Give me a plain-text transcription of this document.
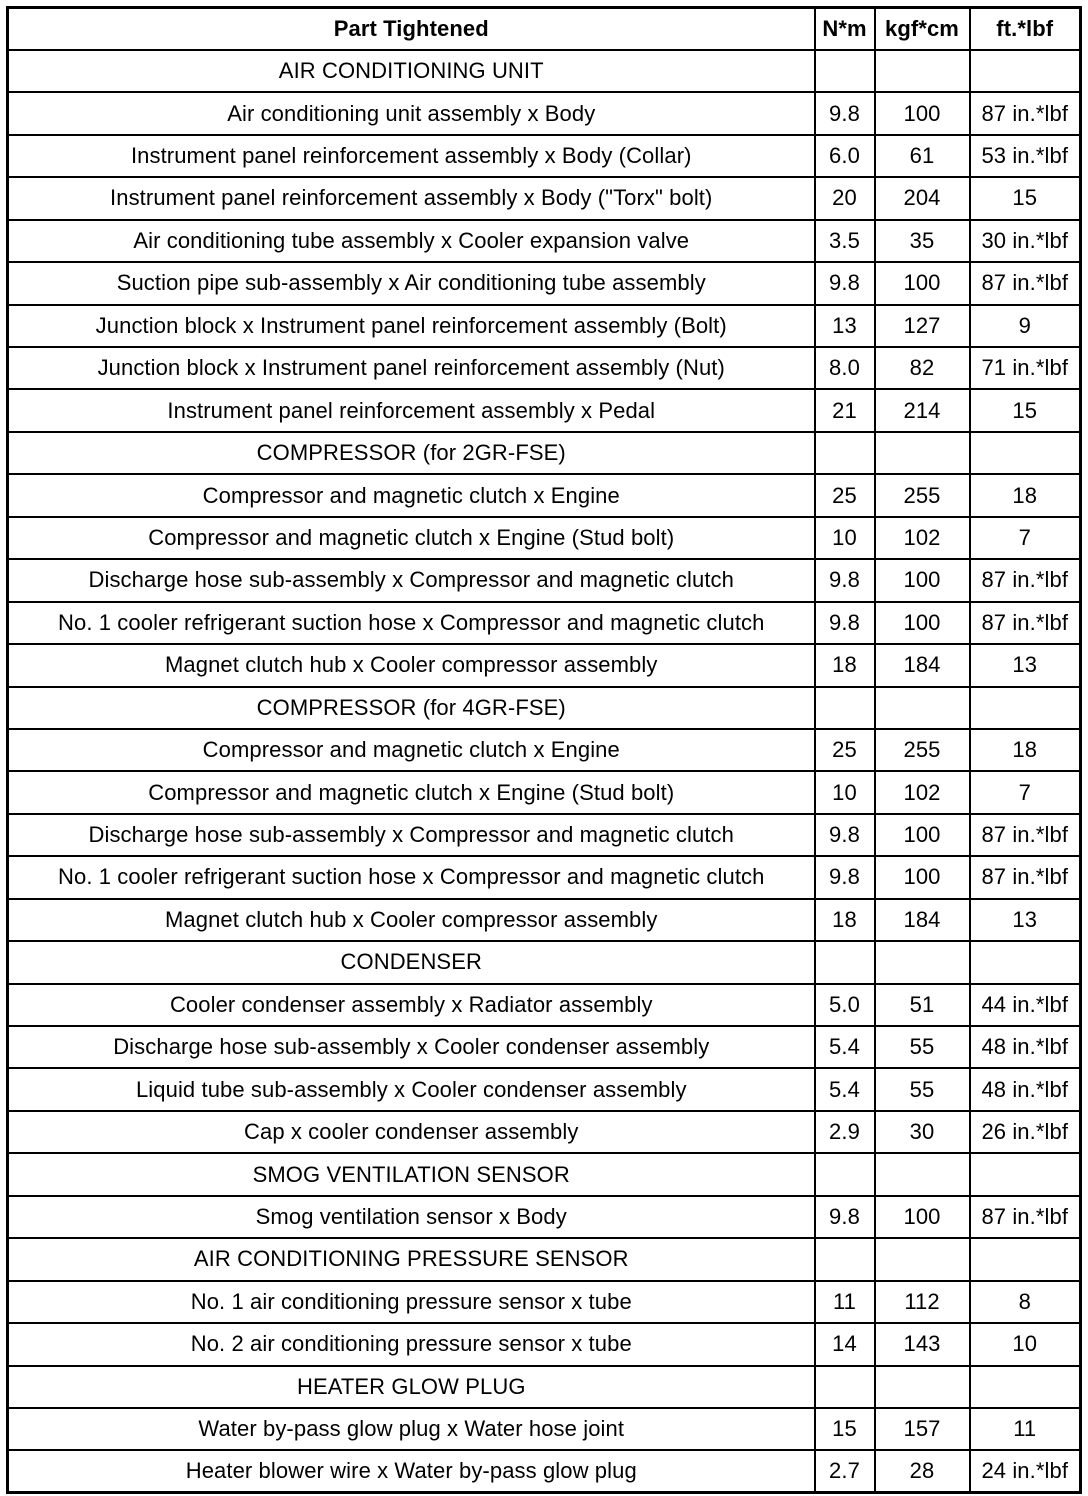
Part Tightened	N*m	kgf*cm	ft.*lbf
AIR CONDITIONING UNIT			
Air conditioning unit assembly x Body	9.8	100	87 in.*lbf
Instrument panel reinforcement assembly x Body (Collar)	6.0	61	53 in.*lbf
Instrument panel reinforcement assembly x Body ("Torx" bolt)	20	204	15
Air conditioning tube assembly x Cooler expansion valve	3.5	35	30 in.*lbf
Suction pipe sub-assembly x Air conditioning tube assembly	9.8	100	87 in.*lbf
Junction block x Instrument panel reinforcement assembly (Bolt)	13	127	9
Junction block x Instrument panel reinforcement assembly (Nut)	8.0	82	71 in.*lbf
Instrument panel reinforcement assembly x Pedal	21	214	15
COMPRESSOR (for 2GR-FSE)			
Compressor and magnetic clutch x Engine	25	255	18
Compressor and magnetic clutch x Engine (Stud bolt)	10	102	7
Discharge hose sub-assembly x Compressor and magnetic clutch	9.8	100	87 in.*lbf
No. 1 cooler refrigerant suction hose x Compressor and magnetic clutch	9.8	100	87 in.*lbf
Magnet clutch hub x Cooler compressor assembly	18	184	13
COMPRESSOR (for 4GR-FSE)			
Compressor and magnetic clutch x Engine	25	255	18
Compressor and magnetic clutch x Engine (Stud bolt)	10	102	7
Discharge hose sub-assembly x Compressor and magnetic clutch	9.8	100	87 in.*lbf
No. 1 cooler refrigerant suction hose x Compressor and magnetic clutch	9.8	100	87 in.*lbf
Magnet clutch hub x Cooler compressor assembly	18	184	13
CONDENSER			
Cooler condenser assembly x Radiator assembly	5.0	51	44 in.*lbf
Discharge hose sub-assembly x Cooler condenser assembly	5.4	55	48 in.*lbf
Liquid tube sub-assembly x Cooler condenser assembly	5.4	55	48 in.*lbf
Cap x cooler condenser assembly	2.9	30	26 in.*lbf
SMOG VENTILATION SENSOR			
Smog ventilation sensor x Body	9.8	100	87 in.*lbf
AIR CONDITIONING PRESSURE SENSOR			
No. 1 air conditioning pressure sensor x tube	11	112	8
No. 2 air conditioning pressure sensor x tube	14	143	10
HEATER GLOW PLUG			
Water by-pass glow plug x Water hose joint	15	157	11
Heater blower wire x Water by-pass glow plug	2.7	28	24 in.*lbf
